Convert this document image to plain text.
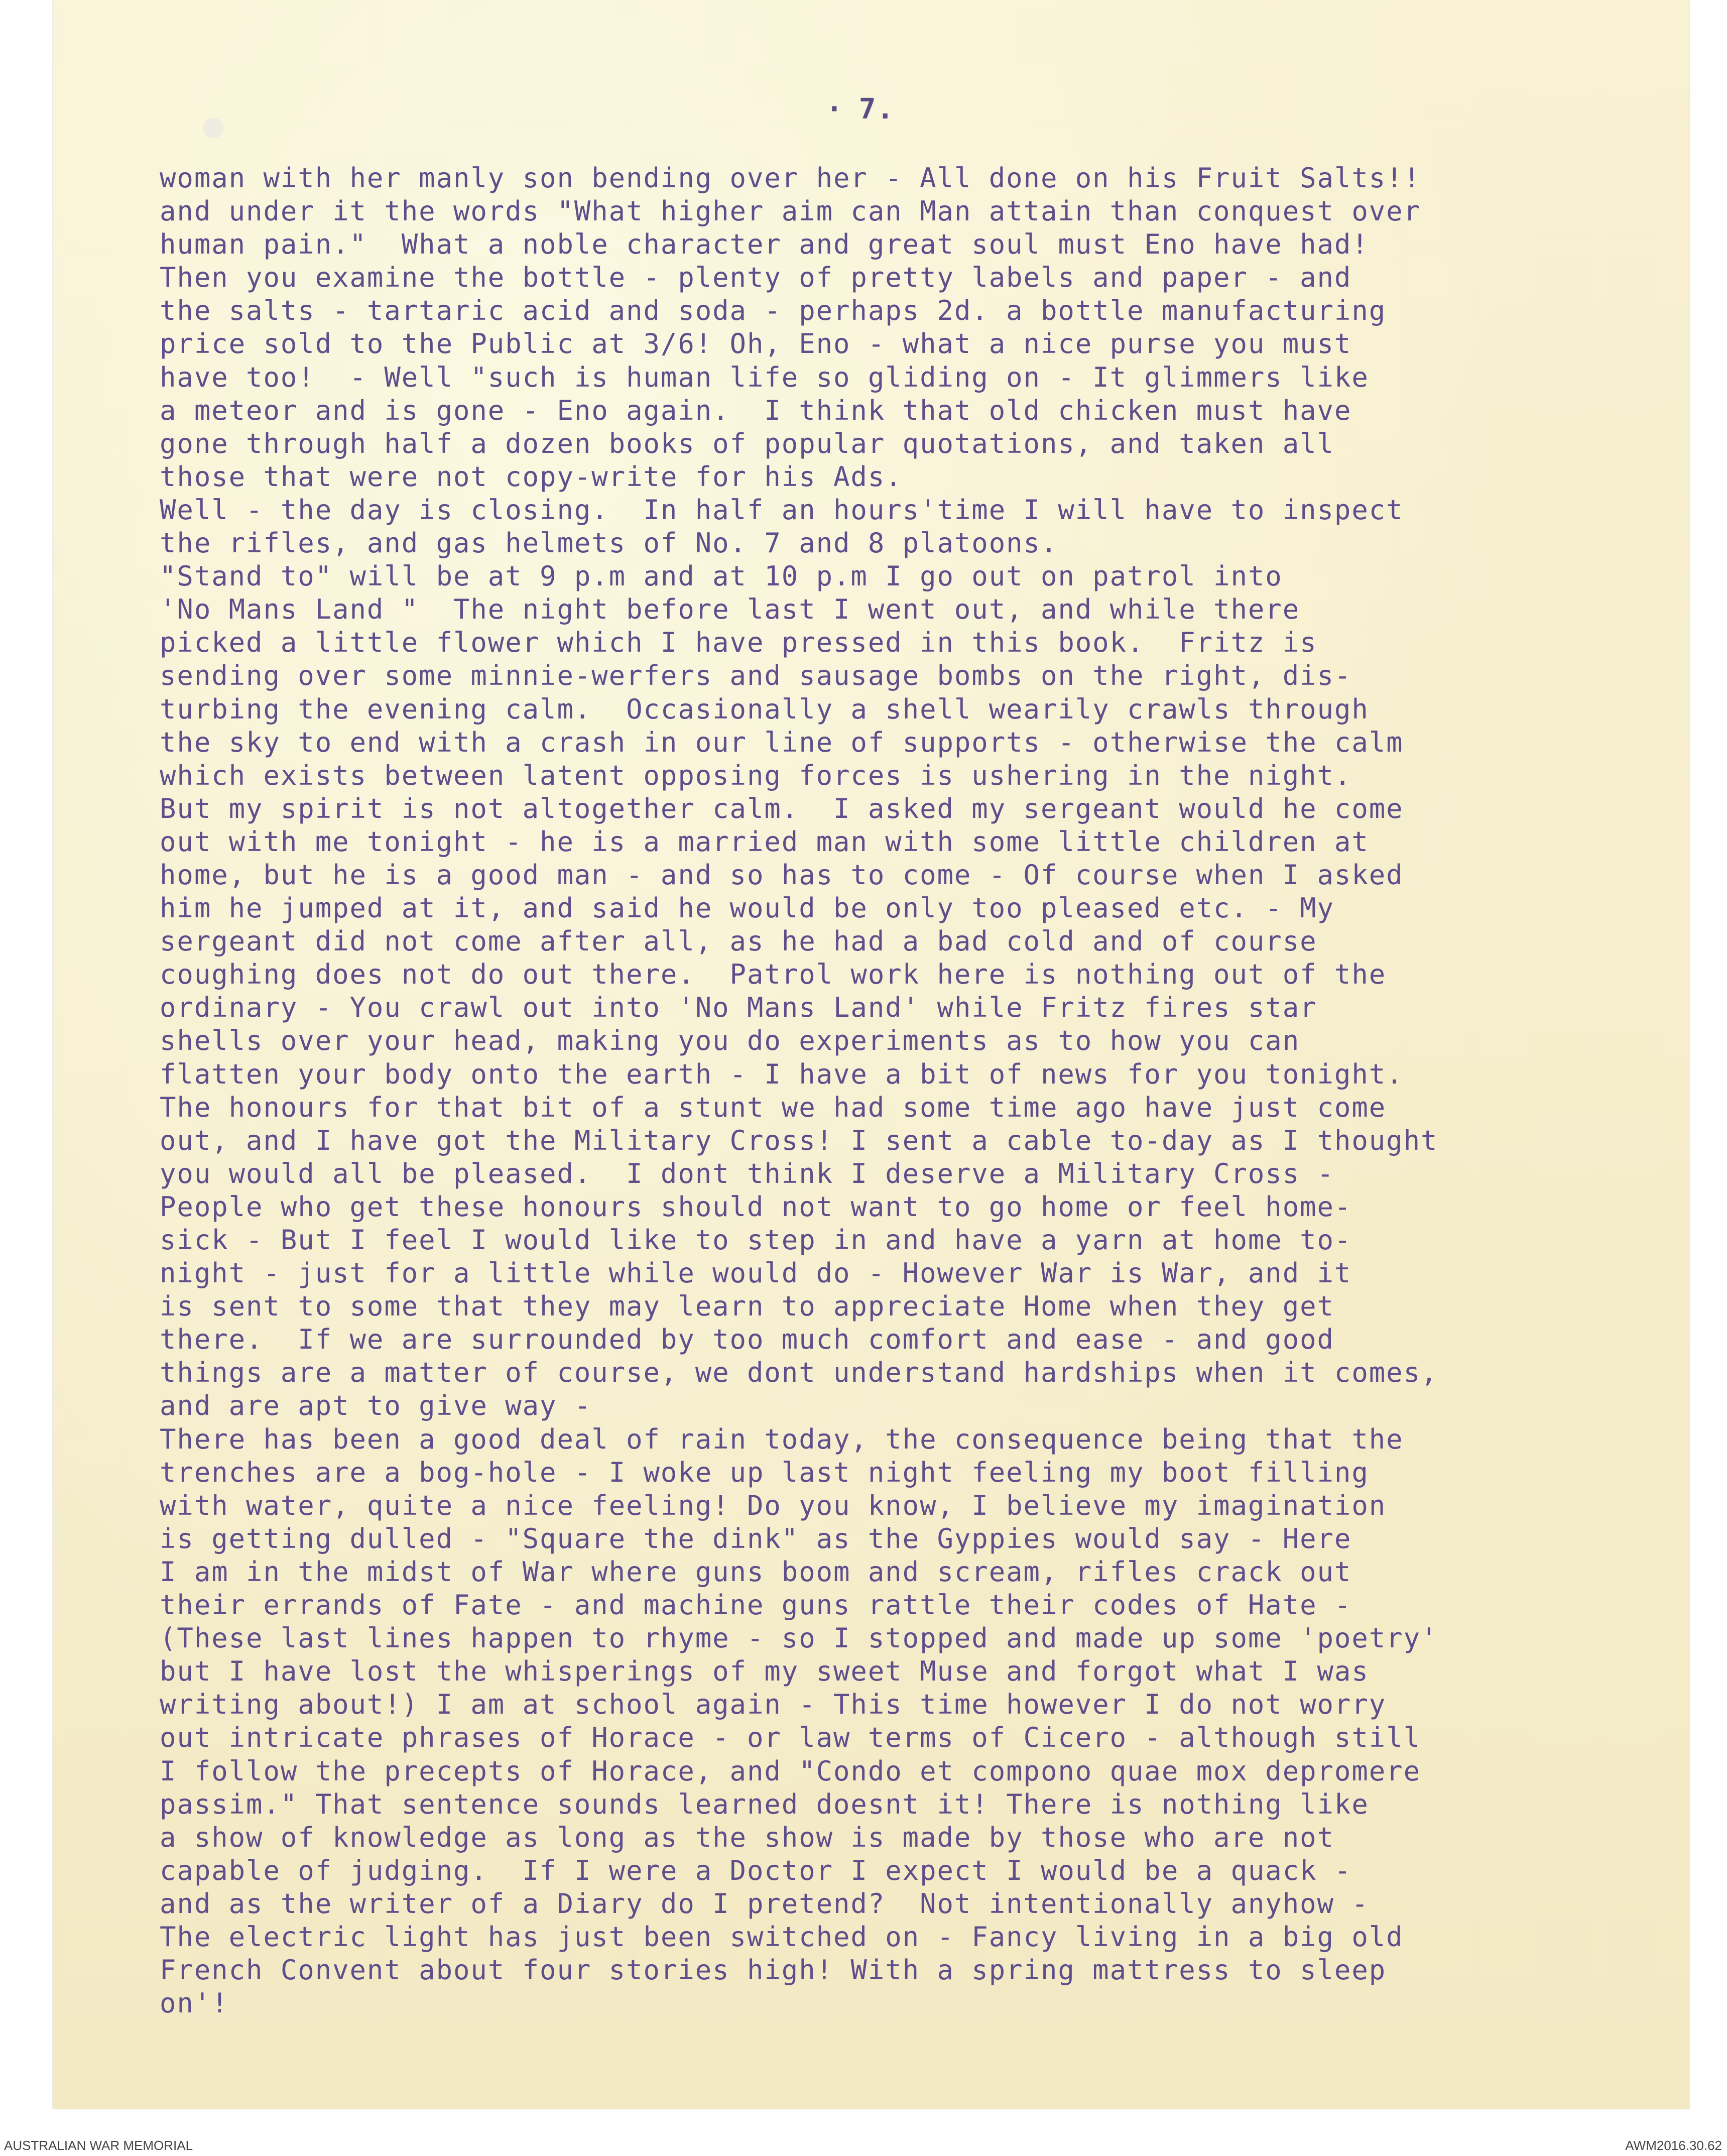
· 7.
woman with her manly son bending over her - All done on his Fruit Salts!!
and under it the words "What higher aim can Man attain than conquest over
human pain."  What a noble character and great soul must Eno have had!
Then you examine the bottle - plenty of pretty labels and paper - and
the salts - tartaric acid and soda - perhaps 2d. a bottle manufacturing
price sold to the Public at 3/6! Oh, Eno - what a nice purse you must
have too!  - Well "such is human life so gliding on - It glimmers like
a meteor and is gone - Eno again.  I think that old chicken must have
gone through half a dozen books of popular quotations, and taken all
those that were not copy-write for his Ads.
Well - the day is closing.  In half an hours'time I will have to inspect
the rifles, and gas helmets of No. 7 and 8 platoons.
"Stand to" will be at 9 p.m and at 10 p.m I go out on patrol into
'No Mans Land "  The night before last I went out, and while there
picked a little flower which I have pressed in this book.  Fritz is
sending over some minnie-werfers and sausage bombs on the right, dis-
turbing the evening calm.  Occasionally a shell wearily crawls through
the sky to end with a crash in our line of supports - otherwise the calm
which exists between latent opposing forces is ushering in the night.
But my spirit is not altogether calm.  I asked my sergeant would he come
out with me tonight - he is a married man with some little children at
home, but he is a good man - and so has to come - Of course when I asked
him he jumped at it, and said he would be only too pleased etc. - My
sergeant did not come after all, as he had a bad cold and of course
coughing does not do out there.  Patrol work here is nothing out of the
ordinary - You crawl out into 'No Mans Land' while Fritz fires star
shells over your head, making you do experiments as to how you can
flatten your body onto the earth - I have a bit of news for you tonight.
The honours for that bit of a stunt we had some time ago have just come
out, and I have got the Military Cross! I sent a cable to-day as I thought
you would all be pleased.  I dont think I deserve a Military Cross -
People who get these honours should not want to go home or feel home-
sick - But I feel I would like to step in and have a yarn at home to-
night - just for a little while would do - However War is War, and it
is sent to some that they may learn to appreciate Home when they get
there.  If we are surrounded by too much comfort and ease - and good
things are a matter of course, we dont understand hardships when it comes,
and are apt to give way -
There has been a good deal of rain today, the consequence being that the
trenches are a bog-hole - I woke up last night feeling my boot filling
with water, quite a nice feeling! Do you know, I believe my imagination
is getting dulled - "Square the dink" as the Gyppies would say - Here
I am in the midst of War where guns boom and scream, rifles crack out
their errands of Fate - and machine guns rattle their codes of Hate -
(These last lines happen to rhyme - so I stopped and made up some 'poetry'
but I have lost the whisperings of my sweet Muse and forgot what I was
writing about!) I am at school again - This time however I do not worry
out intricate phrases of Horace - or law terms of Cicero - although still
I follow the precepts of Horace, and "Condo et compono quae mox depromere
passim." That sentence sounds learned doesnt it! There is nothing like
a show of knowledge as long as the show is made by those who are not
capable of judging.  If I were a Doctor I expect I would be a quack -
and as the writer of a Diary do I pretend?  Not intentionally anyhow -
The electric light has just been switched on - Fancy living in a big old
French Convent about four stories high! With a spring mattress to sleep
on'!
AUSTRALIAN WAR MEMORIAL	AWM2016.30.62
